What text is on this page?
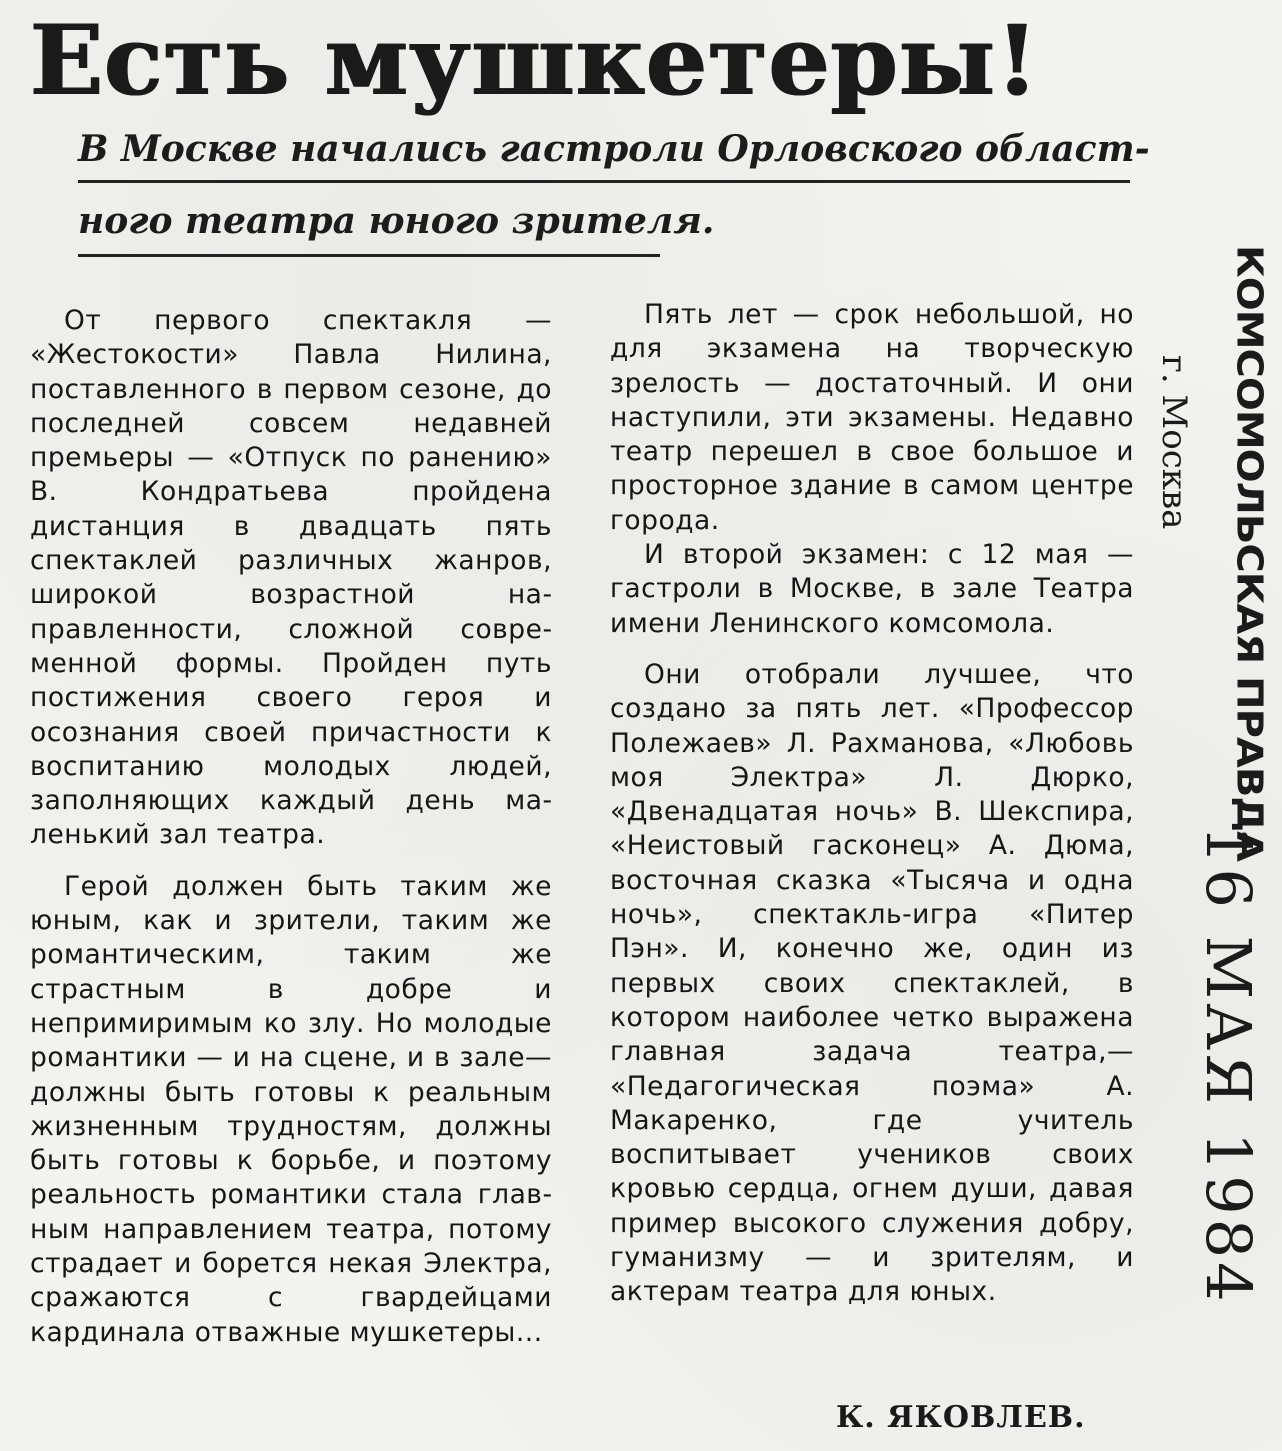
Есть мушкетеры!
В Москве начались гастроли Орловского област-
ного театра юного зрителя.

От первого спектакля — «Жестокости» Павла Нилина, поставленного в первом сезоне, до последней совсем недавней премьеры — «Отпуск по ранению» В. Кондратьева пройдена дистанция в двадцать пять спектаклей различных жанров, широкой возрастной направленности, сложной современной формы. Пройден путь постижения своего героя и осознания своей причастности к воспитанию молодых людей, заполняющих каждый день маленький зал театра.

Герой должен быть таким же юным, как и зрители, таким же романтическим, таким же страстным в добре и непримиримым ко злу. Но молодые романтики — и на сцене, и в зале—должны быть готовы к реальным жизненным трудностям, должны быть готовы к борьбе, и поэтому реальность романтики стала главным направлением театра, потому страдает и борется некая Электра, сражаются с гвардейцами кардинала отважные мушкетеры...

Пять лет — срок небольшой, но для экзамена на творческую зрелость — достаточный. И они наступили, эти экзамены. Недавно театр перешел в свое большое и просторное здание в самом центре города.

И второй экзамен: с 12 мая — гастроли в Москве, в зале Театра имени Ленинского комсомола.

Они отобрали лучшее, что создано за пять лет. «Профессор Полежаев» Л. Рахманова, «Любовь моя Электра» Л. Дюрко, «Двенадцатая ночь» В. Шекспира, «Неистовый гасконец» А. Дюма, восточная сказка «Тысяча и одна ночь», спектакль-игра «Питер Пэн». И, конечно же, один из первых своих спектаклей, в котором наиболее четко выражена главная задача театра,— «Педагогическая поэма» А. Макаренко, где учитель воспитывает учеников своих кровью сердца, огнем души, давая пример высокого служения добру, гуманизму — и зрителям, и актерам театра для юных.

К. ЯКОВЛЕВ.
КОМСОМОЛЬСКАЯ ПРАВДА
г. Москва
16 МАЯ 1984
